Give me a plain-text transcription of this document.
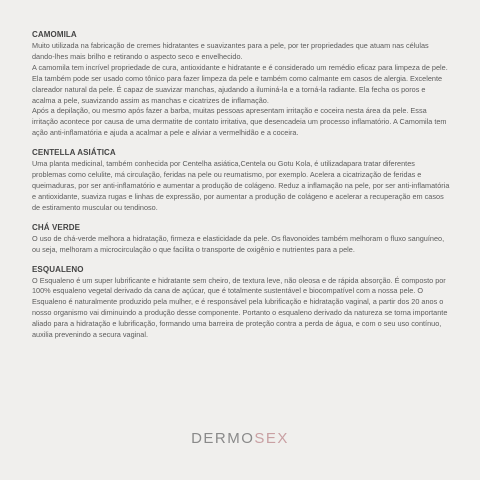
CAMOMILA

Muito utilizada na fabricação de cremes hidratantes e suavizantes para a pele, por ter propriedades que atuam nas células dando-lhes mais brilho e retirando o aspecto seco e envelhecido.

A camomila tem incrível propriedade de cura, antioxidante e hidratante e é considerado um remédio eficaz para limpeza de pele. Ela também pode ser usado como tônico para fazer limpeza da pele e também como calmante em casos de alergia. Excelente clareador natural da pele. É capaz de suavizar manchas, ajudando a iluminá-la e a torná-la radiante. Ela fecha os poros e acalma a pele, suavizando assim as manchas e cicatrizes de inflamação.

Após a depilação, ou mesmo após fazer a barba, muitas pessoas apresentam irritação e coceira nesta área da pele. Essa irritação acontece por causa de uma dermatite de contato irritativa, que desencadeia um processo inflamatório. A Camomila tem ação anti-inflamatória e ajuda a acalmar a pele e aliviar a vermelhidão e a coceira.

CENTELLA ASIÁTICA

Uma planta medicinal, também conhecida por Centelha asiática,Centela ou Gotu Kola, é utilizadapara tratar diferentes problemas como celulite, má circulação, feridas na pele ou reumatismo, por exemplo. Acelera a cicatrização de feridas e queimaduras, por ser anti-inflamatório e aumentar a produção de colágeno. Reduz a inflamação na pele, por ser anti-inflamatória e antioxidante, suaviza rugas e linhas de expressão, por aumentar a produção de colágeno e acelerar a recuperação em casos de estiramento muscular ou tendinoso.

CHÁ VERDE

O uso de chá-verde melhora a hidratação, firmeza e elasticidade da pele. Os flavonoides também melhoram o fluxo sanguíneo, ou seja, melhoram a microcirculação o que facilita o transporte de oxigênio e nutrientes para a pele.

ESQUALENO

O Esqualeno é um super lubrificante e hidratante sem cheiro, de textura leve, não oleosa e de rápida absorção. É composto por 100% esqualeno vegetal derivado da cana de açúcar, que é totalmente sustentável e biocompatível com a nossa pele. O Esqualeno é naturalmente produzido pela mulher, e é responsável pela lubrificação e hidratação vaginal, a partir dos 20 anos o nosso organismo vai diminuindo a produção desse componente. Portanto o esqualeno derivado da natureza se torna importante aliado para a hidratação e lubrificação, formando uma barreira de proteção contra a perda de água, e com o seu uso contínuo, auxilia prevenindo a secura vaginal.

DERMOSEX
